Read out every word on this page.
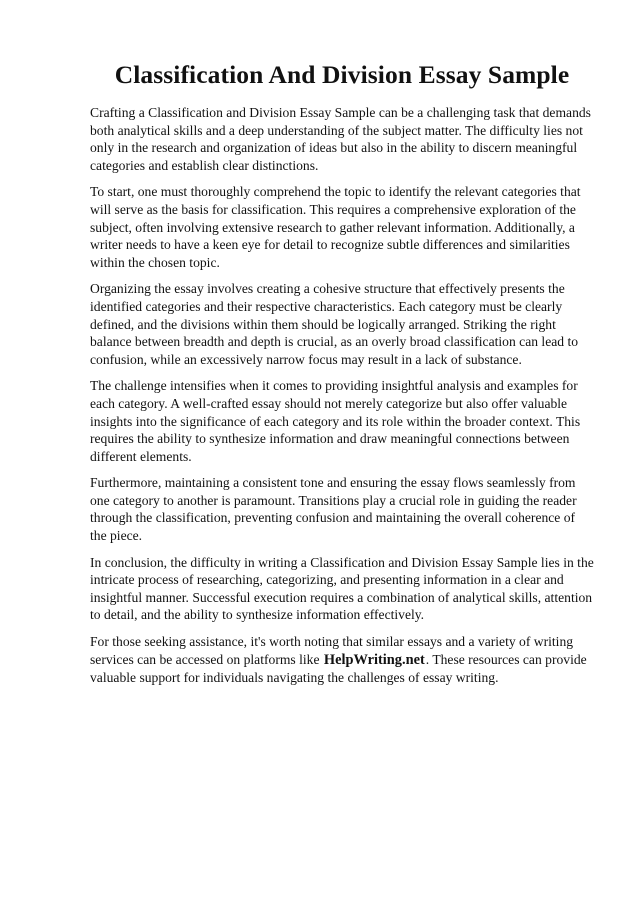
Classification And Division Essay Sample

Crafting a Classification and Division Essay Sample can be a challenging task that demands both analytical skills and a deep understanding of the subject matter. The difficulty lies not only in the research and organization of ideas but also in the ability to discern meaningful categories and establish clear distinctions.

To start, one must thoroughly comprehend the topic to identify the relevant categories that will serve as the basis for classification. This requires a comprehensive exploration of the subject, often involving extensive research to gather relevant information. Additionally, a writer needs to have a keen eye for detail to recognize subtle differences and similarities within the chosen topic.

Organizing the essay involves creating a cohesive structure that effectively presents the identified categories and their respective characteristics. Each category must be clearly defined, and the divisions within them should be logically arranged. Striking the right balance between breadth and depth is crucial, as an overly broad classification can lead to confusion, while an excessively narrow focus may result in a lack of substance.

The challenge intensifies when it comes to providing insightful analysis and examples for each category. A well-crafted essay should not merely categorize but also offer valuable insights into the significance of each category and its role within the broader context. This requires the ability to synthesize information and draw meaningful connections between different elements.

Furthermore, maintaining a consistent tone and ensuring the essay flows seamlessly from one category to another is paramount. Transitions play a crucial role in guiding the reader through the classification, preventing confusion and maintaining the overall coherence of the piece.

In conclusion, the difficulty in writing a Classification and Division Essay Sample lies in the intricate process of researching, categorizing, and presenting information in a clear and insightful manner. Successful execution requires a combination of analytical skills, attention to detail, and the ability to synthesize information effectively.

For those seeking assistance, it's worth noting that similar essays and a variety of writing services can be accessed on platforms like HelpWriting.net. These resources can provide valuable support for individuals navigating the challenges of essay writing.
